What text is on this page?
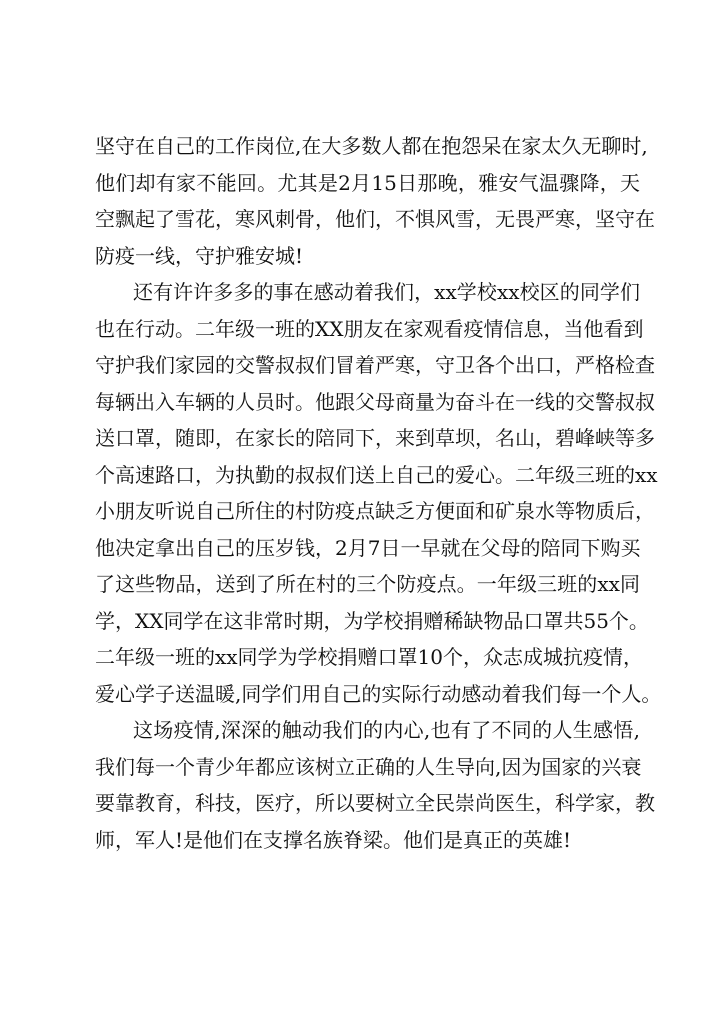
坚守在自己的工作岗位,在大多数人都在抱怨呆在家太久无聊时,
他们却有家不能回。尤其是2月15日那晚，雅安气温骤降，天
空飘起了雪花，寒风刺骨，他们，不惧风雪，无畏严寒，坚守在
防疫一线，守护雅安城!
还有许许多多的事在感动着我们，xx学校xx校区的同学们
也在行动。二年级一班的XX朋友在家观看疫情信息，当他看到
守护我们家园的交警叔叔们冒着严寒，守卫各个出口，严格检查
每辆出入车辆的人员时。他跟父母商量为奋斗在一线的交警叔叔
送口罩，随即，在家长的陪同下，来到草坝，名山，碧峰峡等多
个高速路口，为执勤的叔叔们送上自己的爱心。二年级三班的xx
小朋友听说自己所住的村防疫点缺乏方便面和矿泉水等物质后，
他决定拿出自己的压岁钱，2月7日一早就在父母的陪同下购买
了这些物品，送到了所在村的三个防疫点。一年级三班的xx同
学，XX同学在这非常时期，为学校捐赠稀缺物品口罩共55个。
二年级一班的xx同学为学校捐赠口罩10个，众志成城抗疫情，
爱心学子送温暖,同学们用自己的实际行动感动着我们每一个人。
这场疫情,深深的触动我们的内心,也有了不同的人生感悟,
我们每一个青少年都应该树立正确的人生导向,因为国家的兴衰
要靠教育，科技，医疗，所以要树立全民崇尚医生，科学家，教
师，军人!是他们在支撑名族脊梁。他们是真正的英雄!
